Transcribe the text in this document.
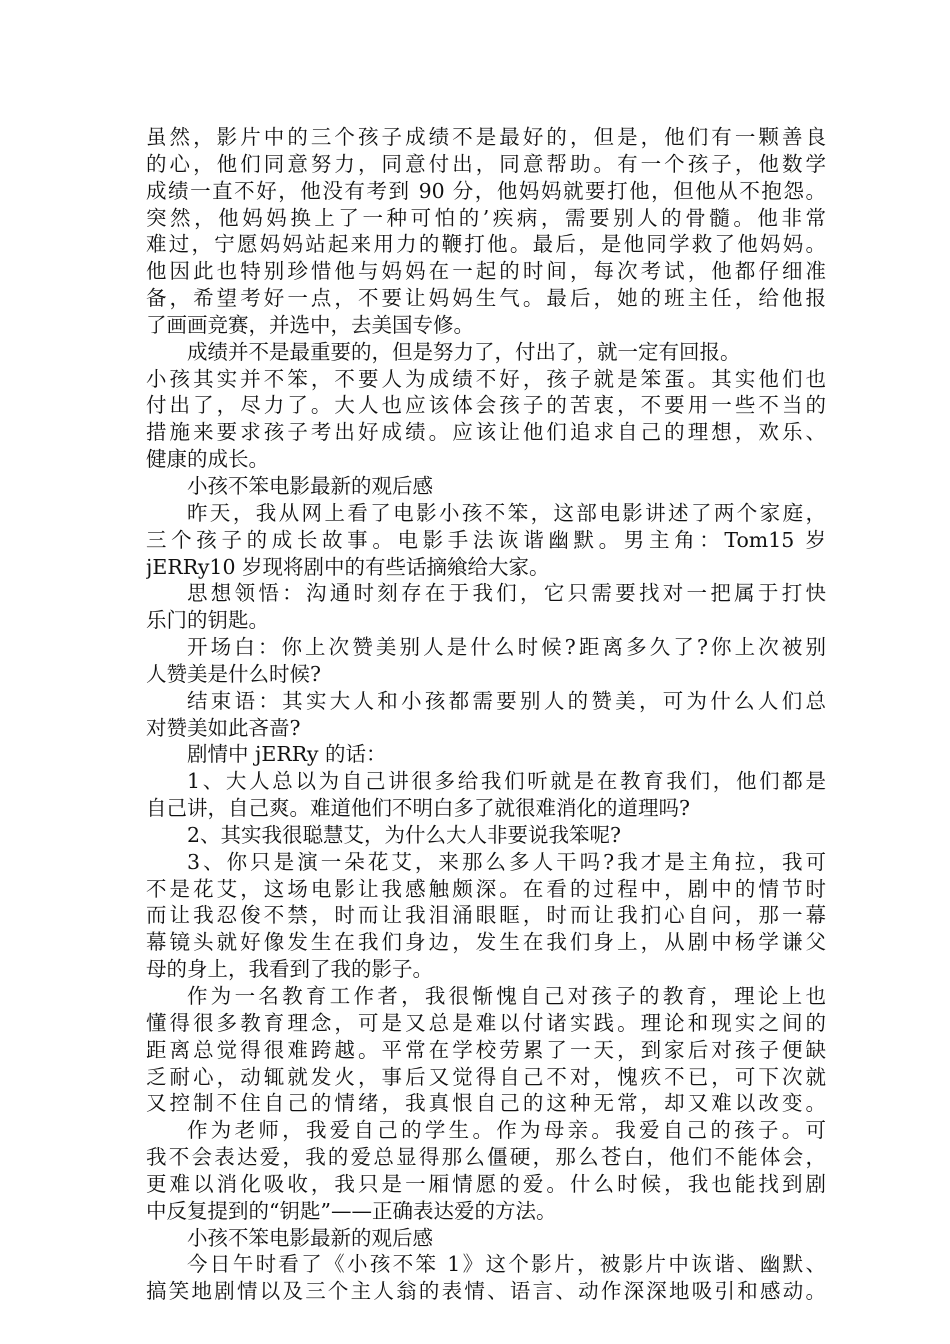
虽然，影片中的三个孩子成绩不是最好的，但是，他们有一颗善良
的心，他们同意努力，同意付出，同意帮助。有一个孩子，他数学
成绩一直不好，他没有考到 90 分，他妈妈就要打他，但他从不抱怨。
突然，他妈妈换上了一种可怕的’疾病，需要别人的骨髓。他非常
难过，宁愿妈妈站起来用力的鞭打他。最后，是他同学救了他妈妈。
他因此也特别珍惜他与妈妈在一起的时间，每次考试，他都仔细准
备，希望考好一点，不要让妈妈生气。最后，她的班主任，给他报
了画画竞赛，并选中，去美国专修。
成绩并不是最重要的，但是努力了，付出了，就一定有回报。
小孩其实并不笨，不要人为成绩不好，孩子就是笨蛋。其实他们也
付出了，尽力了。大人也应该体会孩子的苦衷，不要用一些不当的
措施来要求孩子考出好成绩。应该让他们追求自己的理想，欢乐、
健康的成长。
小孩不笨电影最新的观后感
昨天，我从网上看了电影小孩不笨，这部电影讲述了两个家庭，
三个孩子的成长故事。电影手法诙谐幽默。男主角：Tom15 岁
jERRy10 岁现将剧中的有些话摘飨给大家。
思想领悟：沟通时刻存在于我们，它只需要找对一把属于打快
乐门的钥匙。
开场白：你上次赞美别人是什么时候?距离多久了?你上次被别
人赞美是什么时候?
结束语：其实大人和小孩都需要别人的赞美，可为什么人们总
对赞美如此吝啬?
剧情中 jERRy 的话：
1、大人总以为自己讲很多给我们听就是在教育我们，他们都是
自己讲，自己爽。难道他们不明白多了就很难消化的道理吗?
2、其实我很聪慧艾，为什么大人非要说我笨呢?
3、你只是演一朵花艾，来那么多人干吗?我才是主角拉，我可
不是花艾，这场电影让我感触颇深。在看的过程中，剧中的情节时
而让我忍俊不禁，时而让我泪涌眼眶，时而让我扪心自问，那一幕
幕镜头就好像发生在我们身边，发生在我们身上，从剧中杨学谦父
母的身上，我看到了我的影子。
作为一名教育工作者，我很惭愧自己对孩子的教育，理论上也
懂得很多教育理念，可是又总是难以付诸实践。理论和现实之间的
距离总觉得很难跨越。平常在学校劳累了一天，到家后对孩子便缺
乏耐心，动辄就发火，事后又觉得自己不对，愧疚不已，可下次就
又控制不住自己的情绪，我真恨自己的这种无常，却又难以改变。
作为老师，我爱自己的学生。作为母亲。我爱自己的孩子。可
我不会表达爱，我的爱总显得那么僵硬，那么苍白，他们不能体会，
更难以消化吸收，我只是一厢情愿的爱。什么时候，我也能找到剧
中反复提到的“钥匙”——正确表达爱的方法。
小孩不笨电影最新的观后感
今日午时看了《小孩不笨 1》这个影片，被影片中诙谐、幽默、
搞笑地剧情以及三个主人翁的表情、语言、动作深深地吸引和感动。
